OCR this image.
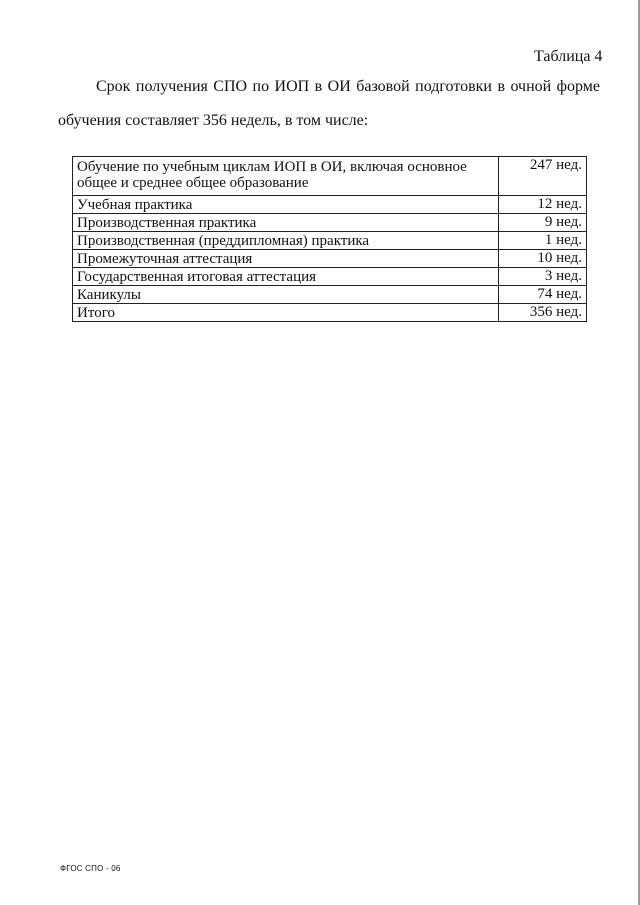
Таблица 4
Срок получения СПО по ИОП в ОИ базовой подготовки в очной форме обучения составляет 356 недель, в том числе:
Обучение по учебным циклам ИОП в ОИ, включая основное общее и среднее общее образование	247 нед.
Учебная практика	12 нед.
Производственная практика	9 нед.
Производственная (преддипломная) практика	1 нед.
Промежуточная аттестация	10 нед.
Государственная итоговая аттестация	3 нед.
Каникулы	74 нед.
Итого	356 нед.
ФГОС СПО - 06
